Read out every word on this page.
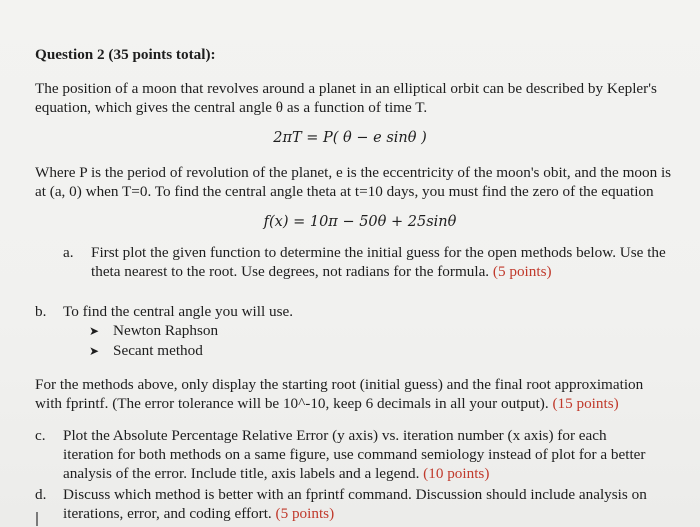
Question 2 (35 points total):
The position of a moon that revolves around a planet in an elliptical orbit can be described by Kepler's
equation, which gives the central angle θ as a function of time T.
2πT = P( θ − e sinθ )
Where P is the period of revolution of the planet, e is the eccentricity of the moon's obit, and the moon is
at (a, 0) when T=0. To find the central angle theta at t=10 days, you must find the zero of the equation
f(x) = 10π − 50θ + 25sinθ
a. First plot the given function to determine the initial guess for the open methods below. Use the
theta nearest to the root. Use degrees, not radians for the formula. (5 points)
b. To find the central angle you will use.
➤ Newton Raphson
➤ Secant method
For the methods above, only display the starting root (initial guess) and the final root approximation
with fprintf. (The error tolerance will be 10^-10, keep 6 decimals in all your output). (15 points)
c. Plot the Absolute Percentage Relative Error (y axis) vs. iteration number (x axis) for each
iteration for both methods on a same figure, use command semiology instead of plot for a better
analysis of the error. Include title, axis labels and a legend. (10 points)
d. Discuss which method is better with an fprintf command. Discussion should include analysis on
iterations, error, and coding effort. (5 points)
